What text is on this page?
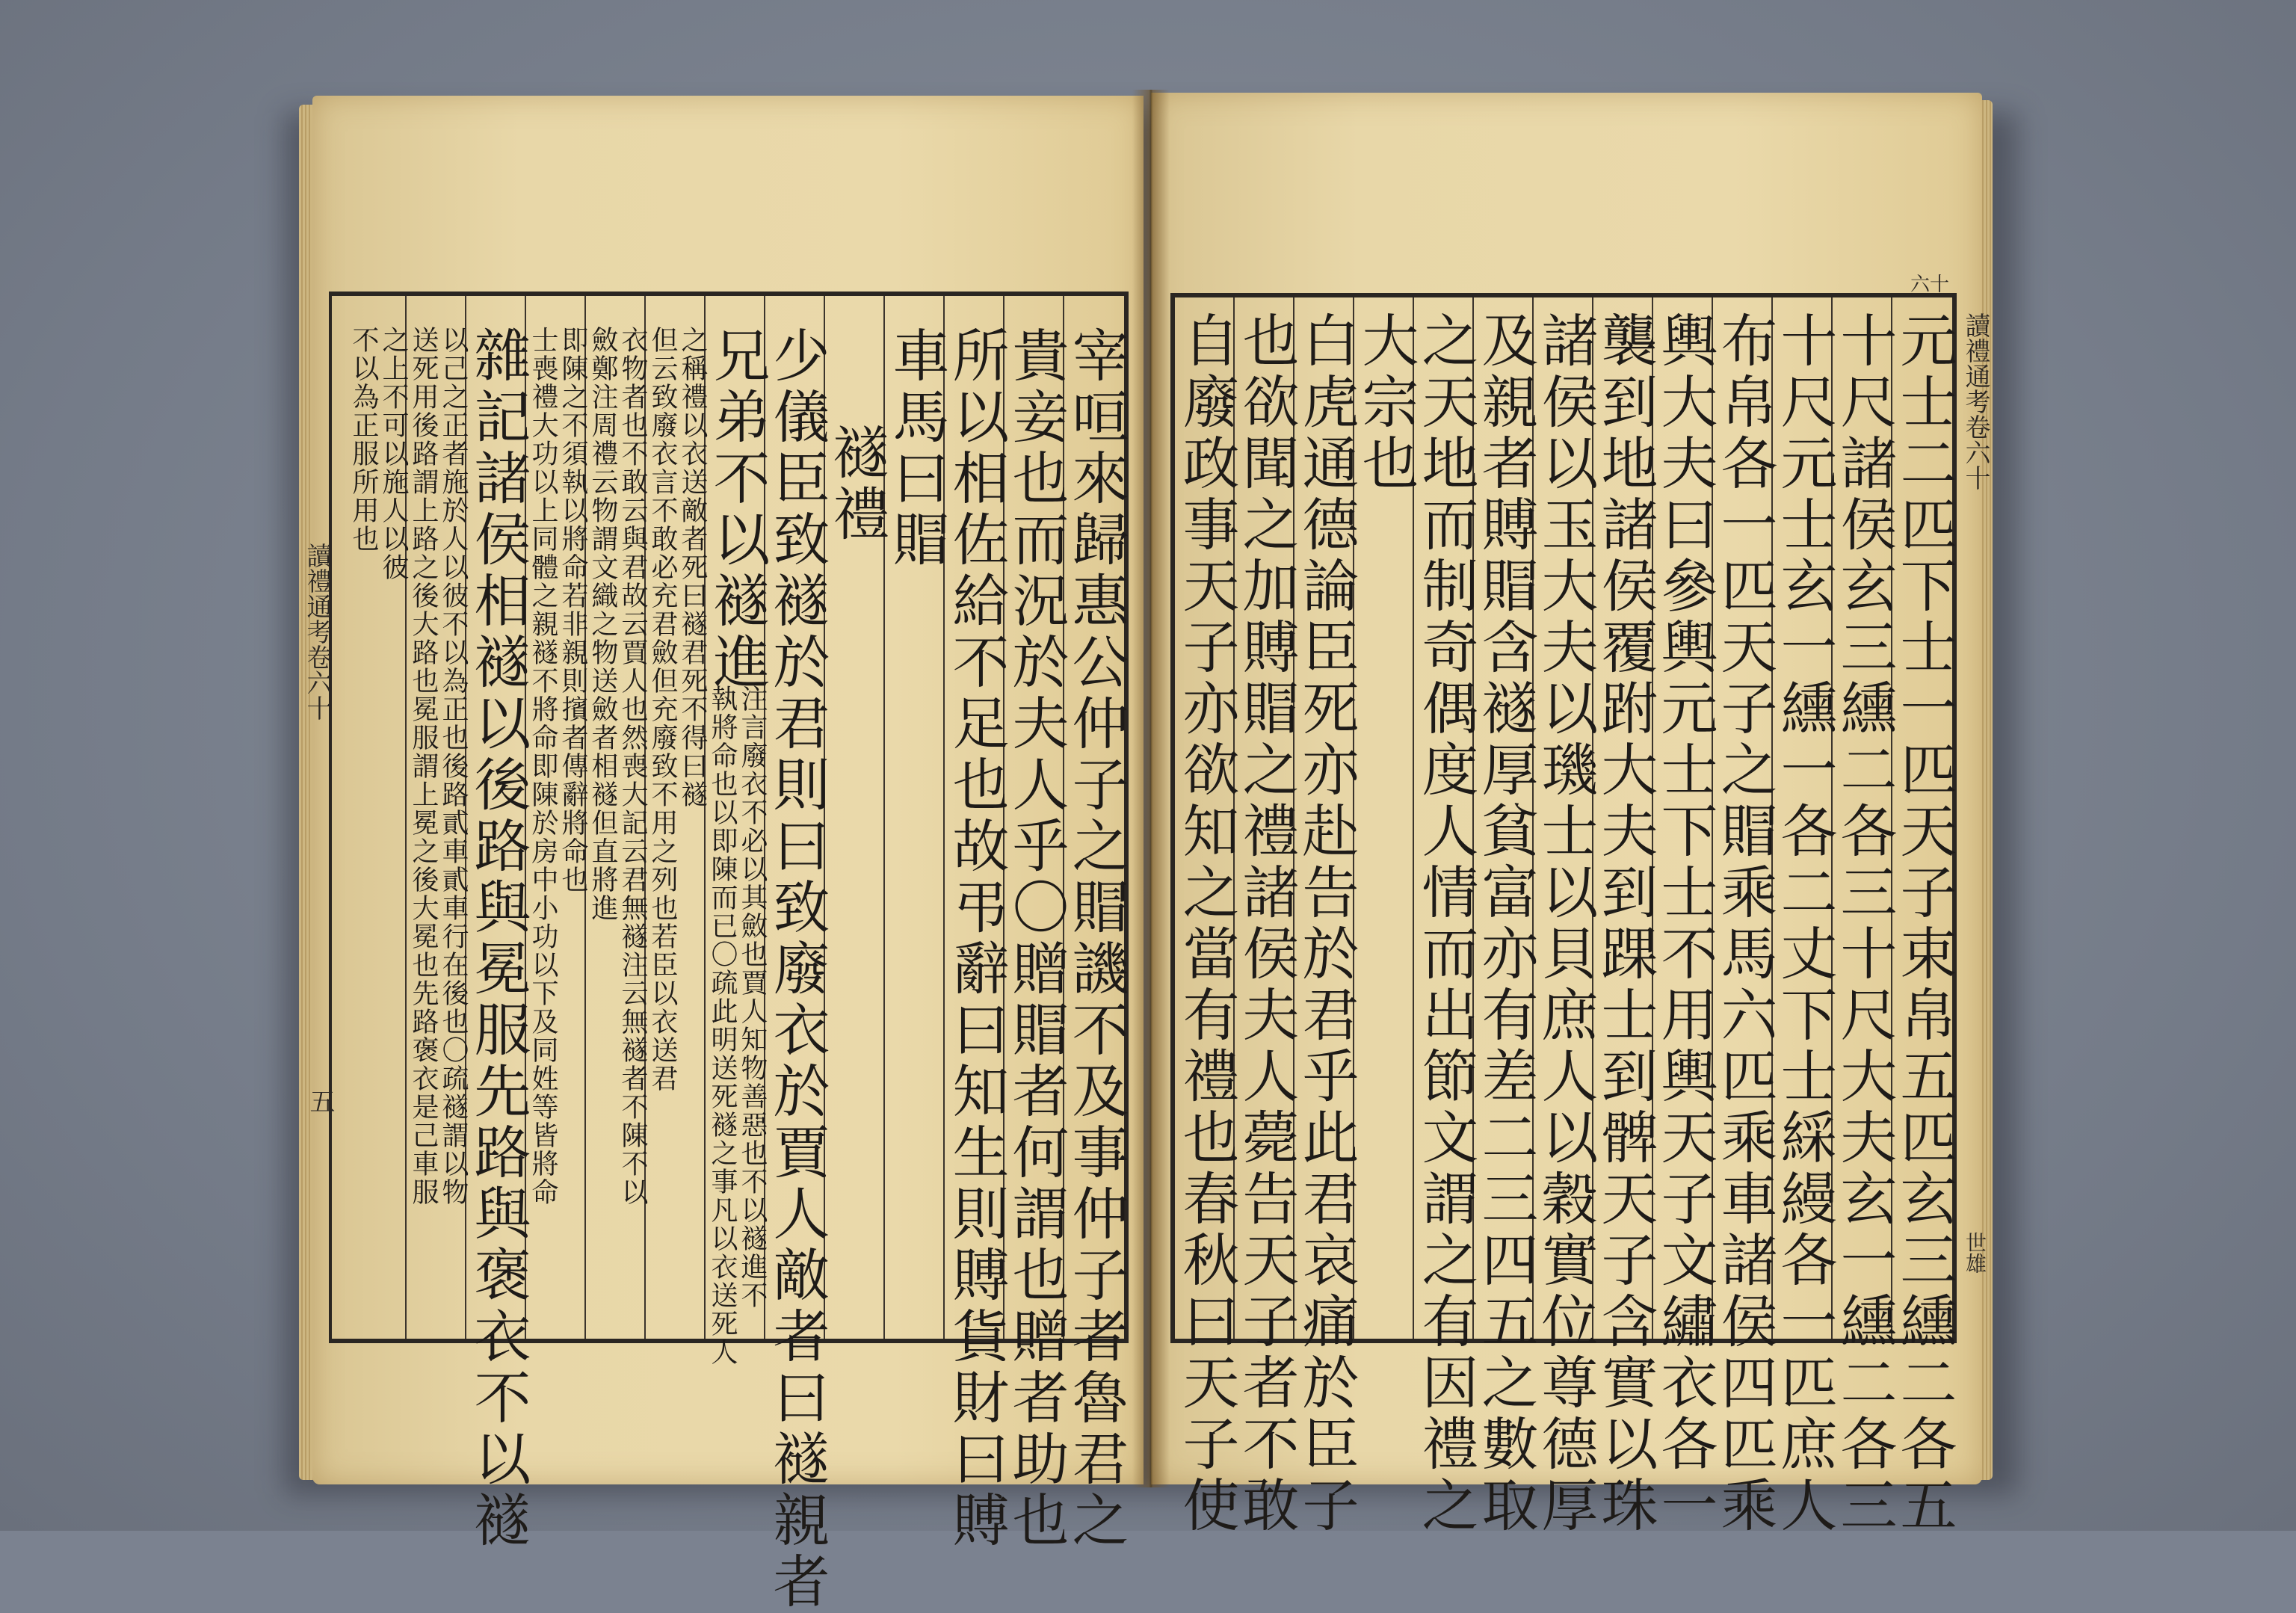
讀禮通考卷六十
世雄
六十
元士二匹下士一匹天子束帛五匹玄三纁二各五
十尺諸侯玄三纁二各三十尺大夫玄一纁二各三
十尺元士玄一纁一各二丈下士綵縵各一匹庶人
布帛各一匹天子之賵乘馬六匹乘車諸侯四匹乘
輿大夫曰參輿元士下士不用輿天子文繡衣各一
襲到地諸侯覆跗大夫到踝士到髀天子含實以珠
諸侯以玉大夫以璣士以貝庶人以穀實位尊德厚
及親者賻賵含襚厚貧富亦有差二三四五之數取
之天地而制奇偶度人情而出節文謂之有因禮之
大宗也
白虎通德論臣死亦赴告於君乎此君哀痛於臣子
也欲聞之加賻賵之禮諸侯夫人薨告天子者不敢
自廢政事天子亦欲知之當有禮也春秋曰天子使
宰咺來歸惠公仲子之賵譏不及事仲子者魯君之
貴妾也而況於夫人乎〇贈賵者何謂也贈者助也
所以相佐給不足也故弔辭曰知生則賻貨財曰賻
車馬曰賵
襚禮
少儀臣致襚於君則曰致廢衣於賈人敵者曰襚親者
兄弟不以襚進
注言廢衣不必以其斂也賈人知物善惡也不以襚進不
執將命也以即陳而已〇疏此明送死襚之事凡以衣送死人
之稱禮以衣送敵者死曰襚君死不得曰襚
但云致廢衣言不敢必充君斂但充廢致不用之列也若臣以衣送君
衣物者也不敢云與君故云賈人也然喪大記云君無襚注云無襚者不陳不以
斂鄭注周禮云物謂文織之物送斂者相襚但直將進
即陳之不須執以將命若非親則擯者傳辭將命也
士喪禮大功以上同體之親襚不將命即陳於房中小功以下及同姓等皆將命
雜記諸侯相襚以後路與冕服先路與褒衣不以襚
以己之正者施於人以彼不以為正也後路貳車貳車行在後也〇疏襚謂以物
送死用後路謂上路之後大路也冕服謂上冕之後大冕也先路褒衣是己車服
之上不可以施人以彼
不以為正服所用也
讀禮通考卷六十
五
